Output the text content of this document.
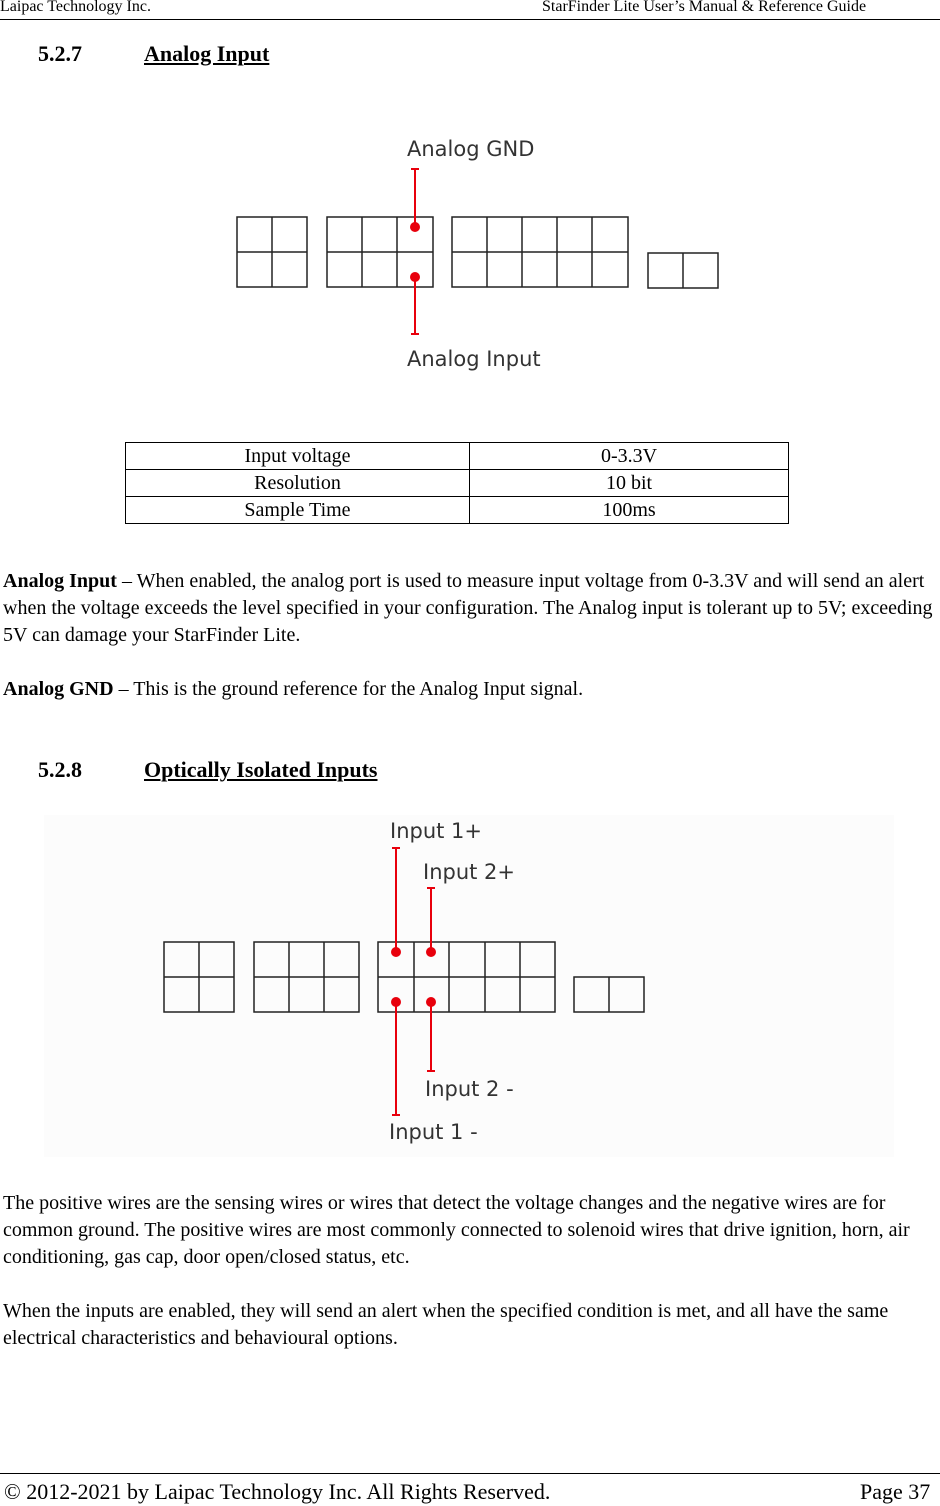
Laipac Technology Inc.	StarFinder Lite User’s Manual & Reference Guide
5.2.7	Analog Input
Analog GND
Analog Input
Input voltage	0-3.3V
Resolution	10 bit
Sample Time	100ms
Analog Input – When enabled, the analog port is used to measure input voltage from 0-3.3V and will send an alert when the voltage exceeds the level specified in your configuration. The Analog input is tolerant up to 5V; exceeding 5V can damage your StarFinder Lite.
Analog GND – This is the ground reference for the Analog Input signal.
5.2.8	Optically Isolated Inputs
Input 1+
Input 2+
Input 2 -
Input 1 -
The positive wires are the sensing wires or wires that detect the voltage changes and the negative wires are for common ground. The positive wires are most commonly connected to solenoid wires that drive ignition, horn, air conditioning, gas cap, door open/closed status, etc.
When the inputs are enabled, they will send an alert when the specified condition is met, and all have the same electrical characteristics and behavioural options.
© 2012-2021 by Laipac Technology Inc. All Rights Reserved.	Page 37
